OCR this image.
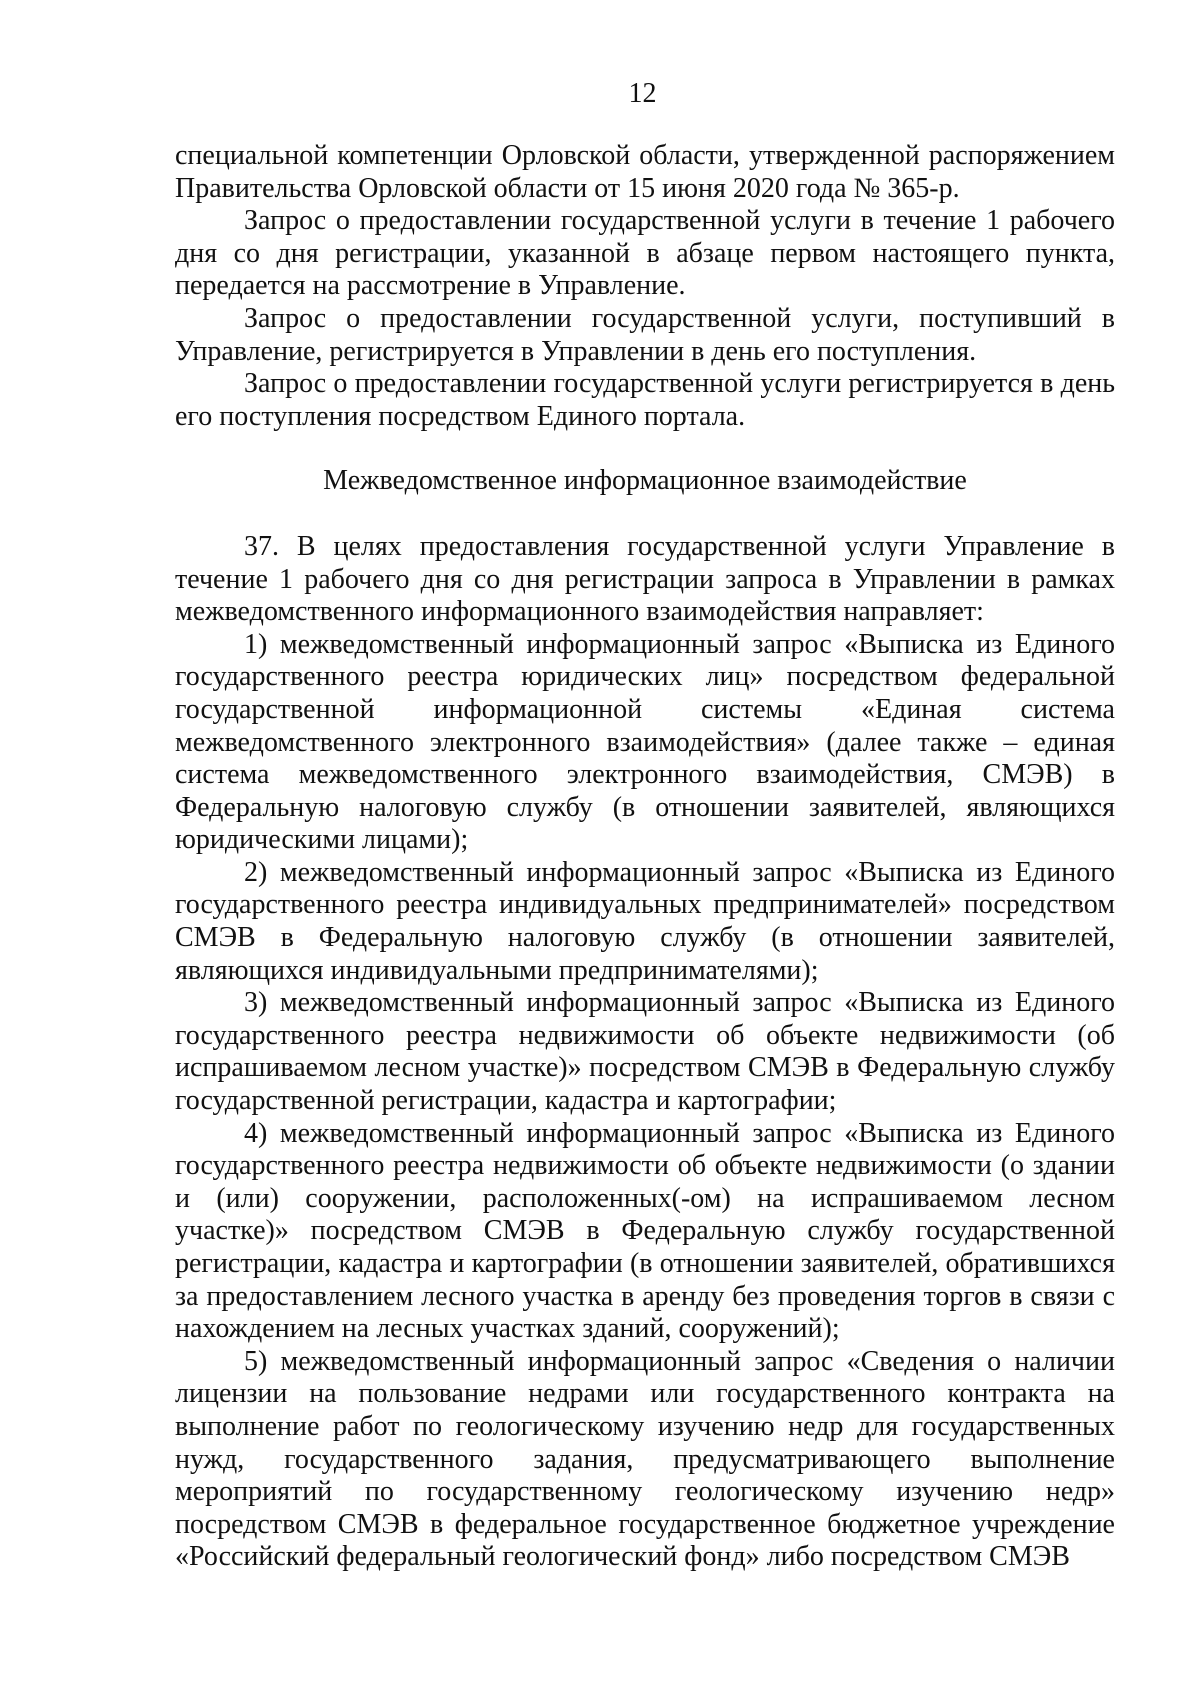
12

специальной компетенции Орловской области, утвержденной распоряжением Правительства Орловской области от 15 июня 2020 года № 365-р.

Запрос о предоставлении государственной услуги в течение 1 рабочего дня со дня регистрации, указанной в абзаце первом настоящего пункта, передается на рассмотрение в Управление.

Запрос о предоставлении государственной услуги, поступивший в Управление, регистрируется в Управлении в день его поступления.

Запрос о предоставлении государственной услуги регистрируется в день его поступления посредством Единого портала.

Межведомственное информационное взаимодействие

37. В целях предоставления государственной услуги Управление в течение 1 рабочего дня со дня регистрации запроса в Управлении в рамках межведомственного информационного взаимодействия направляет:

1) межведомственный информационный запрос «Выписка из Единого государственного реестра юридических лиц» посредством федеральной государственной информационной системы «Единая система межведомственного электронного взаимодействия» (далее также – единая система межведомственного электронного взаимодействия, СМЭВ) в Федеральную налоговую службу (в отношении заявителей, являющихся юридическими лицами);

2) межведомственный информационный запрос «Выписка из Единого государственного реестра индивидуальных предпринимателей» посредством СМЭВ в Федеральную налоговую службу (в отношении заявителей, являющихся индивидуальными предпринимателями);

3) межведомственный информационный запрос «Выписка из Единого государственного реестра недвижимости об объекте недвижимости (об испрашиваемом лесном участке)» посредством СМЭВ в Федеральную службу государственной регистрации, кадастра и картографии;

4) межведомственный информационный запрос «Выписка из Единого государственного реестра недвижимости об объекте недвижимости (о здании и (или) сооружении, расположенных(-ом) на испрашиваемом лесном участке)» посредством СМЭВ в Федеральную службу государственной регистрации, кадастра и картографии (в отношении заявителей, обратившихся за предоставлением лесного участка в аренду без проведения торгов в связи с нахождением на лесных участках зданий, сооружений);

5) межведомственный информационный запрос «Сведения о наличии лицензии на пользование недрами или государственного контракта на выполнение работ по геологическому изучению недр для государственных нужд, государственного задания, предусматривающего выполнение мероприятий по государственному геологическому изучению недр» посредством СМЭВ в федеральное государственное бюджетное учреждение «Российский федеральный геологический фонд» либо посредством СМЭВ
